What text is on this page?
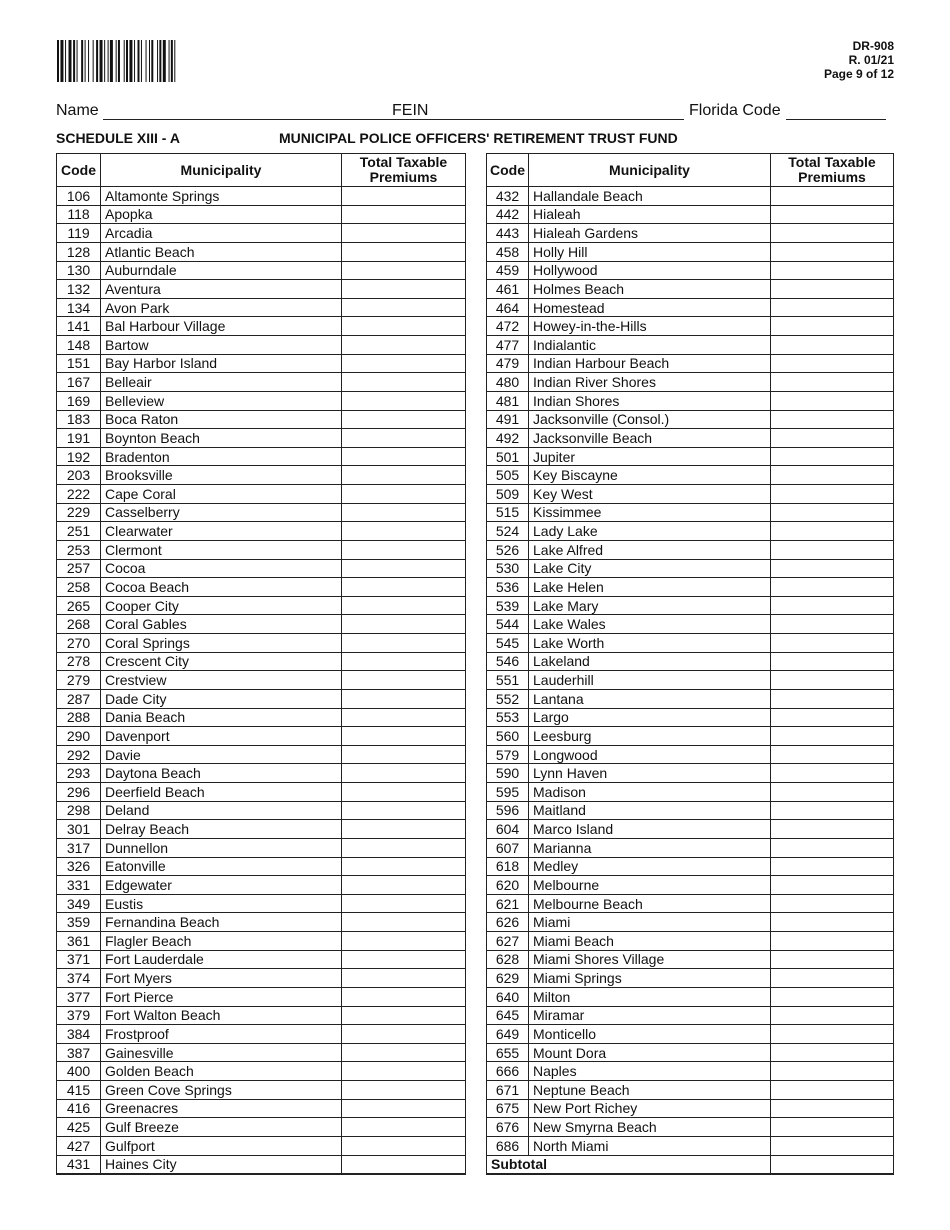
DR-908
R. 01/21
Page 9 of 12
Name	FEIN	Florida Code
SCHEDULE XIII - A	MUNICIPAL POLICE OFFICERS' RETIREMENT TRUST FUND
Code	Municipality	Total Taxable
Premiums
106	Altamonte Springs	
118	Apopka	
119	Arcadia	
128	Atlantic Beach	
130	Auburndale	
132	Aventura	
134	Avon Park	
141	Bal Harbour Village	
148	Bartow	
151	Bay Harbor Island	
167	Belleair	
169	Belleview	
183	Boca Raton	
191	Boynton Beach	
192	Bradenton	
203	Brooksville	
222	Cape Coral	
229	Casselberry	
251	Clearwater	
253	Clermont	
257	Cocoa	
258	Cocoa Beach	
265	Cooper City	
268	Coral Gables	
270	Coral Springs	
278	Crescent City	
279	Crestview	
287	Dade City	
288	Dania Beach	
290	Davenport	
292	Davie	
293	Daytona Beach	
296	Deerfield Beach	
298	Deland	
301	Delray Beach	
317	Dunnellon	
326	Eatonville	
331	Edgewater	
349	Eustis	
359	Fernandina Beach	
361	Flagler Beach	
371	Fort Lauderdale	
374	Fort Myers	
377	Fort Pierce	
379	Fort Walton Beach	
384	Frostproof	
387	Gainesville	
400	Golden Beach	
415	Green Cove Springs	
416	Greenacres	
425	Gulf Breeze	
427	Gulfport	
431	Haines City	
Code	Municipality	Total Taxable
Premiums
432	Hallandale Beach	
442	Hialeah	
443	Hialeah Gardens	
458	Holly Hill	
459	Hollywood	
461	Holmes Beach	
464	Homestead	
472	Howey-in-the-Hills	
477	Indialantic	
479	Indian Harbour Beach	
480	Indian River Shores	
481	Indian Shores	
491	Jacksonville (Consol.)	
492	Jacksonville Beach	
501	Jupiter	
505	Key Biscayne	
509	Key West	
515	Kissimmee	
524	Lady Lake	
526	Lake Alfred	
530	Lake City	
536	Lake Helen	
539	Lake Mary	
544	Lake Wales	
545	Lake Worth	
546	Lakeland	
551	Lauderhill	
552	Lantana	
553	Largo	
560	Leesburg	
579	Longwood	
590	Lynn Haven	
595	Madison	
596	Maitland	
604	Marco Island	
607	Marianna	
618	Medley	
620	Melbourne	
621	Melbourne Beach	
626	Miami	
627	Miami Beach	
628	Miami Shores Village	
629	Miami Springs	
640	Milton	
645	Miramar	
649	Monticello	
655	Mount Dora	
666	Naples	
671	Neptune Beach	
675	New Port Richey	
676	New Smyrna Beach	
686	North Miami	
Subtotal		
